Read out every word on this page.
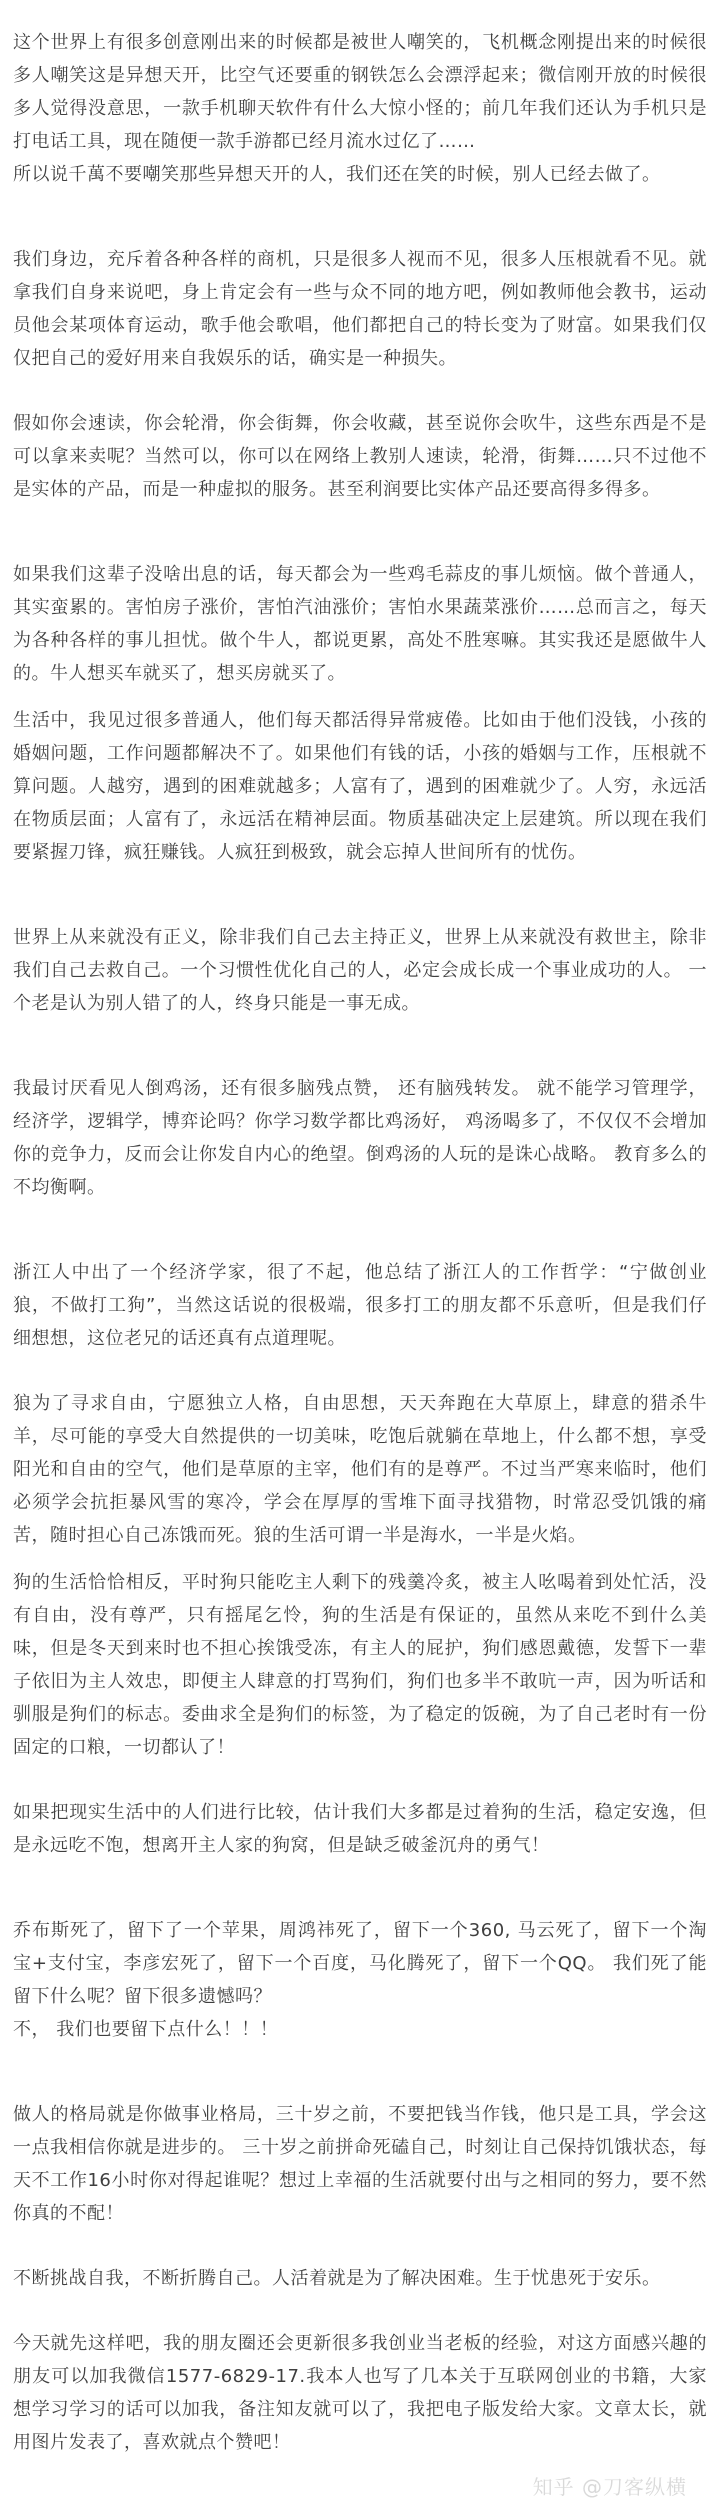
这个世界上有很多创意刚出来的时候都是被世人嘲笑的，飞机概念刚提出来的时候很多人嘲笑这是异想天开，比空气还要重的钢铁怎么会漂浮起来；微信刚开放的时候很多人觉得没意思，一款手机聊天软件有什么大惊小怪的；前几年我们还认为手机只是打电话工具，现在随便一款手游都已经月流水过亿了……
所以说千萬不要嘲笑那些异想天开的人，我们还在笑的时候，别人已经去做了。

我们身边，充斥着各种各样的商机，只是很多人视而不见，很多人压根就看不见。就拿我们自身来说吧，身上肯定会有一些与众不同的地方吧，例如教师他会教书，运动员他会某项体育运动，歌手他会歌唱，他们都把自己的特长变为了财富。如果我们仅仅把自己的爱好用来自我娱乐的话，确实是一种损失。

假如你会速读，你会轮滑，你会街舞，你会收藏，甚至说你会吹牛，这些东西是不是可以拿来卖呢？当然可以，你可以在网络上教别人速读，轮滑，街舞……只不过他不是实体的产品，而是一种虚拟的服务。甚至利润要比实体产品还要高得多得多。

如果我们这辈子没啥出息的话，每天都会为一些鸡毛蒜皮的事儿烦恼。做个普通人，其实蛮累的。害怕房子涨价，害怕汽油涨价；害怕水果蔬菜涨价……总而言之，每天为各种各样的事儿担忧。做个牛人，都说更累，高处不胜寒嘛。其实我还是愿做牛人的。牛人想买车就买了，想买房就买了。

生活中，我见过很多普通人，他们每天都活得异常疲倦。比如由于他们没钱，小孩的婚姻问题，工作问题都解决不了。如果他们有钱的话，小孩的婚姻与工作，压根就不算问题。人越穷，遇到的困难就越多；人富有了，遇到的困难就少了。人穷，永远活在物质层面；人富有了，永远活在精神层面。物质基础决定上层建筑。所以现在我们要紧握刀锋，疯狂赚钱。人疯狂到极致，就会忘掉人世间所有的忧伤。

世界上从来就没有正义，除非我们自己去主持正义，世界上从来就没有救世主，除非我们自己去救自己。一个习惯性优化自己的人，必定会成长成一个事业成功的人。 一个老是认为别人错了的人，终身只能是一事无成。

我最讨厌看见人倒鸡汤，还有很多脑残点赞， 还有脑残转发。 就不能学习管理学，经济学，逻辑学，博弈论吗？你学习数学都比鸡汤好， 鸡汤喝多了，不仅仅不会增加你的竞争力，反而会让你发自内心的绝望。倒鸡汤的人玩的是诛心战略。 教育多么的不均衡啊。

浙江人中出了一个经济学家，很了不起，他总结了浙江人的工作哲学：“宁做创业狼，不做打工狗”，当然这话说的很极端，很多打工的朋友都不乐意听，但是我们仔细想想，这位老兄的话还真有点道理呢。

狼为了寻求自由，宁愿独立人格，自由思想，天天奔跑在大草原上，肆意的猎杀牛羊，尽可能的享受大自然提供的一切美味，吃饱后就躺在草地上，什么都不想，享受阳光和自由的空气，他们是草原的主宰，他们有的是尊严。不过当严寒来临时，他们必须学会抗拒暴风雪的寒冷，学会在厚厚的雪堆下面寻找猎物，时常忍受饥饿的痛苦，随时担心自己冻饿而死。狼的生活可谓一半是海水，一半是火焰。

狗的生活恰恰相反，平时狗只能吃主人剩下的残羹冷炙，被主人吆喝着到处忙活，没有自由，没有尊严，只有摇尾乞怜，狗的生活是有保证的，虽然从来吃不到什么美味，但是冬天到来时也不担心挨饿受冻，有主人的屁护，狗们感恩戴德，发誓下一辈子依旧为主人效忠，即便主人肆意的打骂狗们，狗们也多半不敢吭一声，因为听话和驯服是狗们的标志。委曲求全是狗们的标签，为了稳定的饭碗，为了自己老时有一份固定的口粮，一切都认了！

如果把现实生活中的人们进行比较，估计我们大多都是过着狗的生活，稳定安逸，但是永远吃不饱，想离开主人家的狗窝，但是缺乏破釜沉舟的勇气！

乔布斯死了，留下了一个苹果，周鸿祎死了，留下一个360, 马云死了，留下一个淘宝+支付宝，李彦宏死了，留下一个百度，马化腾死了，留下一个QQ。 我们死了能留下什么呢？留下很多遗憾吗？
不， 我们也要留下点什么！！！

做人的格局就是你做事业格局，三十岁之前，不要把钱当作钱，他只是工具，学会这一点我相信你就是进步的。 三十岁之前拼命死磕自己，时刻让自己保持饥饿状态，每天不工作16小时你对得起谁呢？想过上幸福的生活就要付出与之相同的努力，要不然你真的不配！

不断挑战自我，不断折腾自己。人活着就是为了解决困难。生于忧患死于安乐。

今天就先这样吧，我的朋友圈还会更新很多我创业当老板的经验，对这方面感兴趣的朋友可以加我微信1577-6829-17.我本人也写了几本关于互联网创业的书籍，大家想学习学习的话可以加我，备注知友就可以了，我把电子版发给大家。文章太长，就用图片发表了，喜欢就点个赞吧！

知乎 @刀客纵横
